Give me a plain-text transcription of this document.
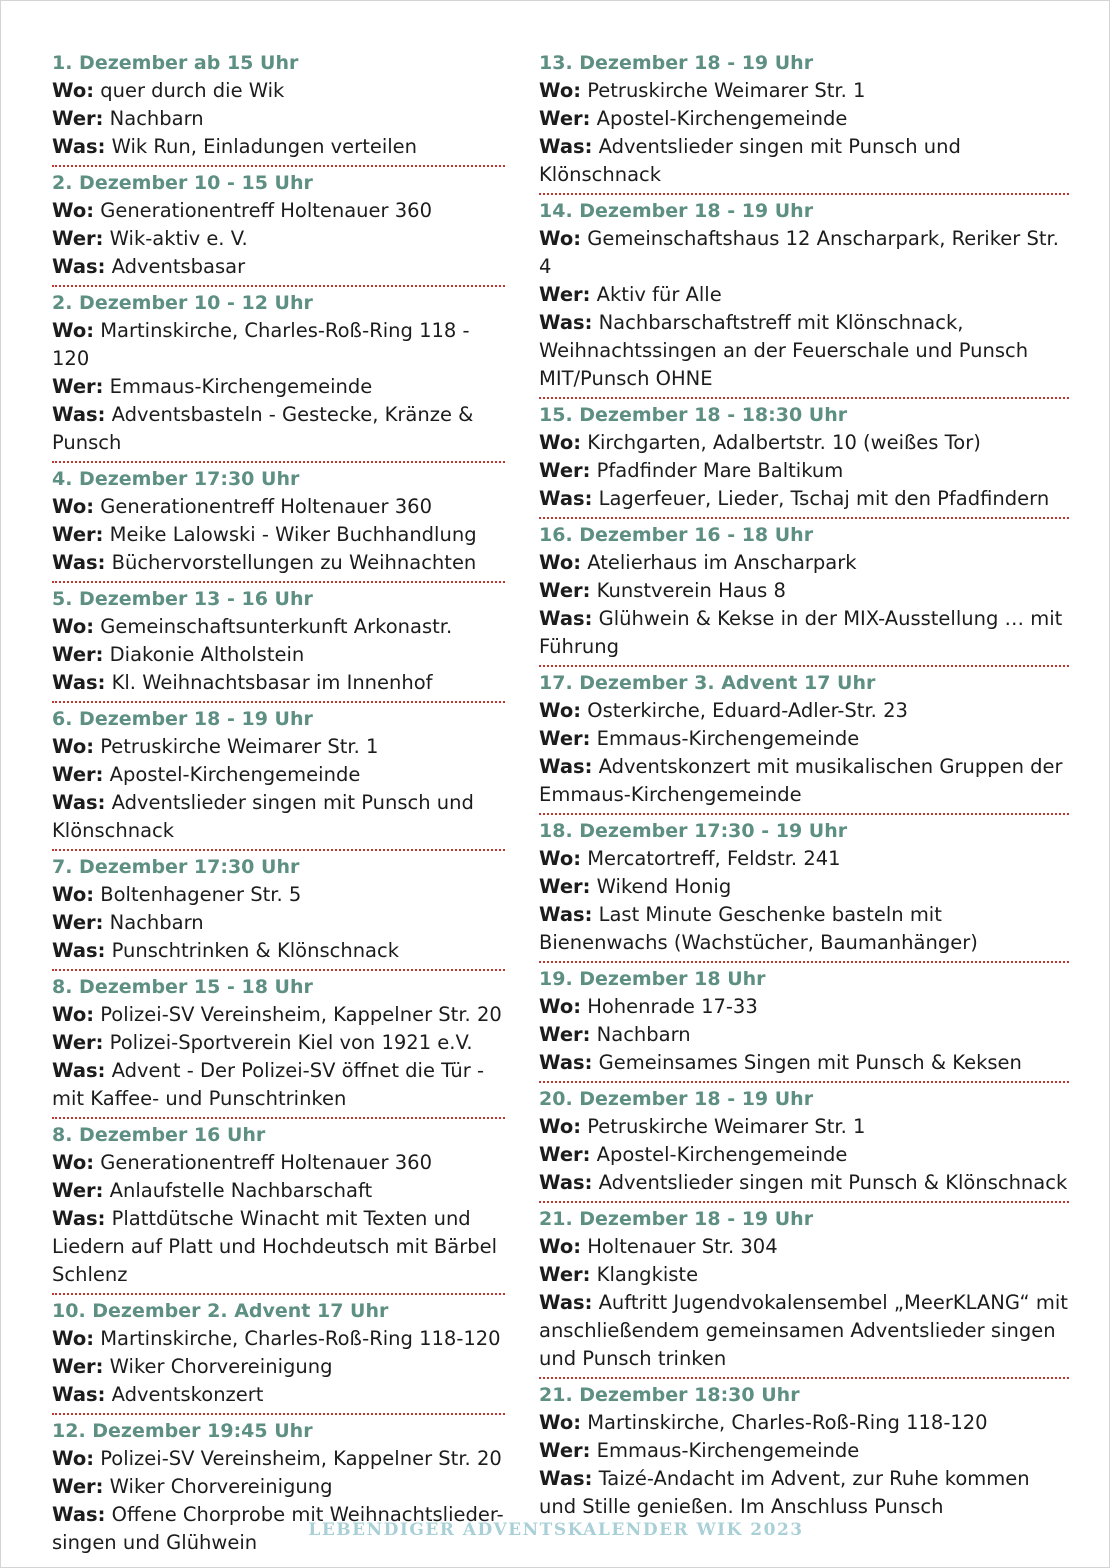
1. Dezember ab 15 Uhr
Wo: quer durch die Wik
Wer: Nachbarn
Was: Wik Run, Einladungen verteilen
2. Dezember 10 - 15 Uhr
Wo: Generationentreff Holtenauer 360
Wer: Wik-aktiv e. V.
Was: Adventsbasar
2. Dezember 10 - 12 Uhr
Wo: Martinskirche, Charles-Roß-Ring 118 - 120
Wer: Emmaus-Kirchengemeinde
Was: Adventsbasteln - Gestecke, Kränze & Punsch
4. Dezember 17:30 Uhr
Wo: Generationentreff Holtenauer 360
Wer: Meike Lalowski - Wiker Buchhandlung
Was: Büchervorstellungen zu Weihnachten
5. Dezember 13 - 16 Uhr
Wo: Gemeinschaftsunterkunft Arkonastr.
Wer: Diakonie Altholstein
Was: Kl. Weihnachtsbasar im Innenhof
6. Dezember 18 - 19 Uhr
Wo: Petruskirche Weimarer Str. 1
Wer: Apostel-Kirchengemeinde
Was: Adventslieder singen mit Punsch und Klönschnack
7. Dezember 17:30 Uhr
Wo: Boltenhagener Str. 5
Wer: Nachbarn
Was: Punschtrinken & Klönschnack
8. Dezember 15 - 18 Uhr
Wo: Polizei-SV Vereinsheim, Kappelner Str. 20
Wer: Polizei-Sportverein Kiel von 1921 e.V.
Was: Advent - Der Polizei-SV öffnet die Tür - mit Kaffee- und Punschtrinken
8. Dezember 16 Uhr
Wo: Generationentreff Holtenauer 360
Wer: Anlaufstelle Nachbarschaft
Was: Plattdütsche Winacht mit Texten und Liedern auf Platt und Hochdeutsch mit Bärbel Schlenz
10. Dezember 2. Advent 17 Uhr
Wo: Martinskirche, Charles-Roß-Ring 118-120
Wer: Wiker Chorvereinigung
Was: Adventskonzert
12. Dezember 19:45 Uhr
Wo: Polizei-SV Vereinsheim, Kappelner Str. 20
Wer: Wiker Chorvereinigung
Was: Offene Chorprobe mit Weihnachtslieder-singen und Glühwein
13. Dezember 18 - 19 Uhr
Wo: Petruskirche Weimarer Str. 1
Wer: Apostel-Kirchengemeinde
Was: Adventslieder singen mit Punsch und Klönschnack
14. Dezember 18 - 19 Uhr
Wo: Gemeinschaftshaus 12 Anscharpark, Reriker Str. 4
Wer: Aktiv für Alle
Was: Nachbarschaftstreff mit Klönschnack, Weihnachtssingen an der Feuerschale und Punsch MIT/Punsch OHNE
15. Dezember 18 - 18:30 Uhr
Wo: Kirchgarten, Adalbertstr. 10 (weißes Tor)
Wer: Pfadfinder Mare Baltikum
Was: Lagerfeuer, Lieder, Tschaj mit den Pfadfindern
16. Dezember 16 - 18 Uhr
Wo: Atelierhaus im Anscharpark
Wer: Kunstverein Haus 8
Was: Glühwein & Kekse in der MIX-Ausstellung … mit Führung
17. Dezember 3. Advent 17 Uhr
Wo: Osterkirche, Eduard-Adler-Str. 23
Wer: Emmaus-Kirchengemeinde
Was: Adventskonzert mit musikalischen Gruppen der Emmaus-Kirchengemeinde
18. Dezember 17:30 - 19 Uhr
Wo: Mercatortreff, Feldstr. 241
Wer: Wikend Honig
Was: Last Minute Geschenke basteln mit Bienenwachs (Wachstücher, Baumanhänger)
19. Dezember 18 Uhr
Wo: Hohenrade 17-33
Wer: Nachbarn
Was: Gemeinsames Singen mit Punsch & Keksen
20. Dezember 18 - 19 Uhr
Wo: Petruskirche Weimarer Str. 1
Wer: Apostel-Kirchengemeinde
Was: Adventslieder singen mit Punsch & Klönschnack
21. Dezember 18 - 19 Uhr
Wo: Holtenauer Str. 304
Wer: Klangkiste
Was: Auftritt Jugendvokalensembel „MeerKLANG“ mit anschließendem gemeinsamen Adventslieder singen und Punsch trinken
21. Dezember 18:30 Uhr
Wo: Martinskirche, Charles-Roß-Ring 118-120
Wer: Emmaus-Kirchengemeinde
Was: Taizé-Andacht im Advent, zur Ruhe kommen und Stille genießen. Im Anschluss Punsch
LEBENDIGER ADVENTSKALENDER WIK 2023
